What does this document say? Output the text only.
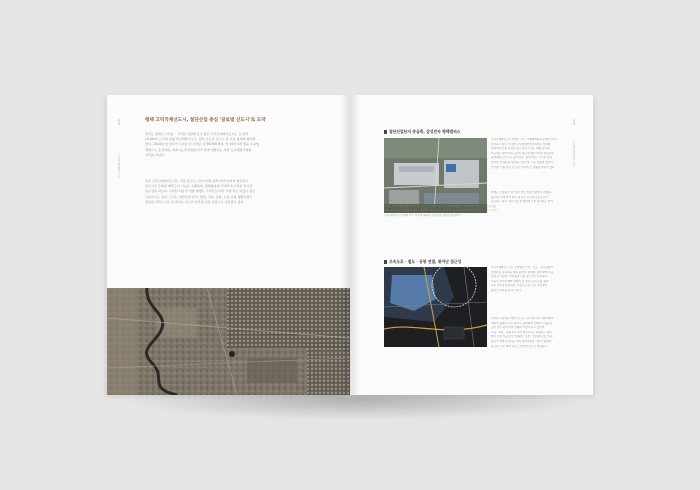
평택
고덕국제화신도시
평택 고덕국제신도시, 첨단산업 중심 '글로벌 신도시'로 도약
경기도 평택시 고덕동 · 고덕면 일원에 조성 중인 고덕국제화신도시는 총 면적
13.4km² 규모의 대형 택지개발지구로, 남부 수도권 신도시 중 가장 넓게에 위치해
있다. 2018년 첫 입주가 시작된 이 지역은 총 56,600세대, 약 14만 4천 명을 수용할
계획으로 조성되며, 자족기능과 산업단지가 함께 개발되는 복합 도시개발사업의
성격을 지닌다.
특히 고덕국제화신도시는 서울 용산구 이전기지와 평택 미군에 따라 협조되고
미군기지 주변의 배후도시 기능을 수행하며, 평택항과의 연계가지 고려된 입지적
특수성을 지닌다. 이러한 다층적 개발 배경은 고덕신도시에 '국제'라는 명칭이 붙은
이유이기도 하다. 도시는 첨단산업 단지, 행정, 교육, 문화, 쇼핑 등의 생활시설이
결합된 자족도시로 조성되며, 수도권 남부의 성장 거점으로 주목받고 있다.
평택
고덕국제화신도시
첨단산업단지 중심축, 삼성전자 평택캠퍼스
고덕국제화신도시 내에는 '고덕 국제화계획지구산업단지'가
조성되고 있다. 인접한 고덕일반산업단지에는 전세계
최대기반 산업 중심의 첨단 클러스터로, 개발 중이며,
이곳에는 세계 최대 규모의 반도체 생산기지인 삼성전자
평택캠퍼스가 가동 중에 있다. 삼성전자는 고덕권 전체
면적의 약 절반을 차지하고 있으며, 고용 창출과 협력사
및 연관 기업 입주 등 인구 이유에 큰 영향을 미치고 있다.
현재는 오랫동안 1단 생산라인 건설이 활발히 진행되고
있으며, 이에 따라 외부 내 통근 인구와 유동인구가
급증하고 있다. 특히 반도체 생산에 직접 종사하는 인력
외에도 협력사와 해외 바이어 등 비즈니스 유동 인구가 크게 늘어났다. 이에 따라 다양한 비즈니스를
위한 숙박 수요가 함께 늘어나고 있으며, 이에 따라 모빌리티 보조적으로 추진하고 있으며, 인근 주민
주택 쪽에 이르기까지 추가 자원의 확충이 무엇보다 필요한 상황이다.
고속도로 · 철도 · 공항 연결, 뛰어난 접근성
고덕국제화신도시는 평택항과 인천 · 김포 · 청주공항과
연결되는 교통축을 계획 중이며, 평택항, 평택 KTX 신규
연결 등 다양한 국제 광역 교통 접근성이 우수하다.
이동이 편리한 SRT 지제역 및 경부고속도로를 통한
교통 연결이 양호하며, 서울 수도권 주요 거점과의
출퇴근 편의를 높이고 있다.
이러한 교통망을 바탕으로 인구 증가에 따른 택지개발과
개발이 활발히 추진 중이다. 평택항의 컨테이너 물동량
증가 역시 평택 지역 경제의 기반이 되고 있으며,
교육 · 의료 · 문화 인프라가 지속적으로 확충되고 있어
향후 성장 가능성이 기대된다. 또한, 서울과의 접근성을
높이기 위해 추진되는 여러 광역교통망 사업이 활성화
될 경우 더욱 빠른 속도로 발전할 것으로 예상된다.
